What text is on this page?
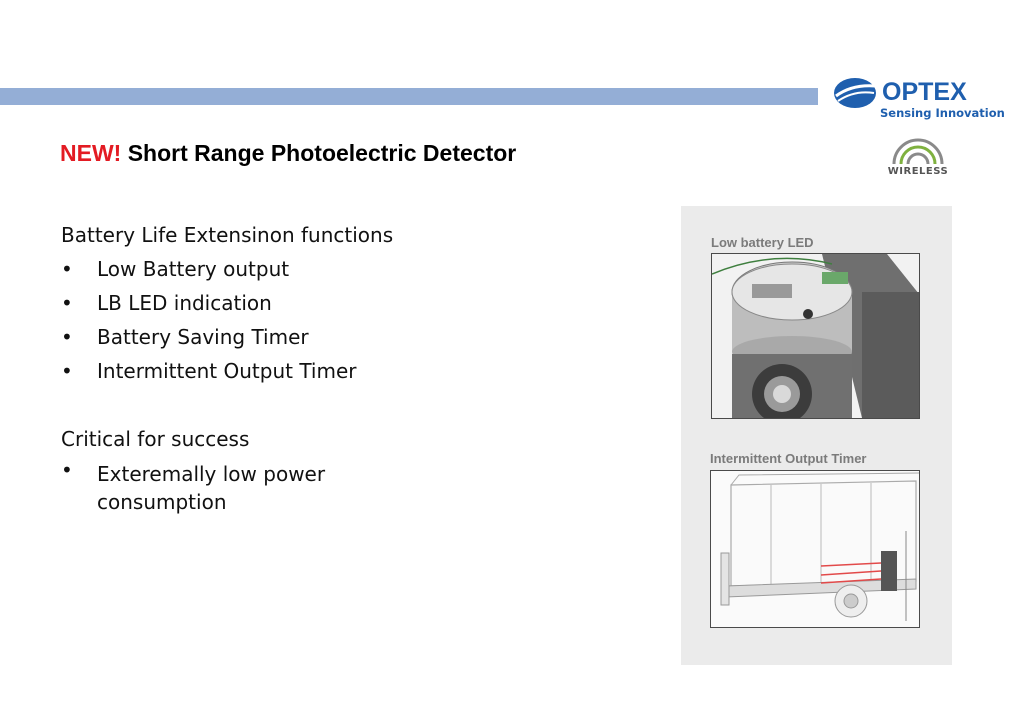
OPTEX
Sensing Innovation
WIRELESS
NEW! Short Range Photoelectric Detector

Battery Life Extensinon functions

• Low Battery output
• LB LED indication
• Battery Saving Timer
• Intermittent Output Timer

Critical for success

• Exteremally low power consumption
Low battery LED
Intermittent Output Timer
